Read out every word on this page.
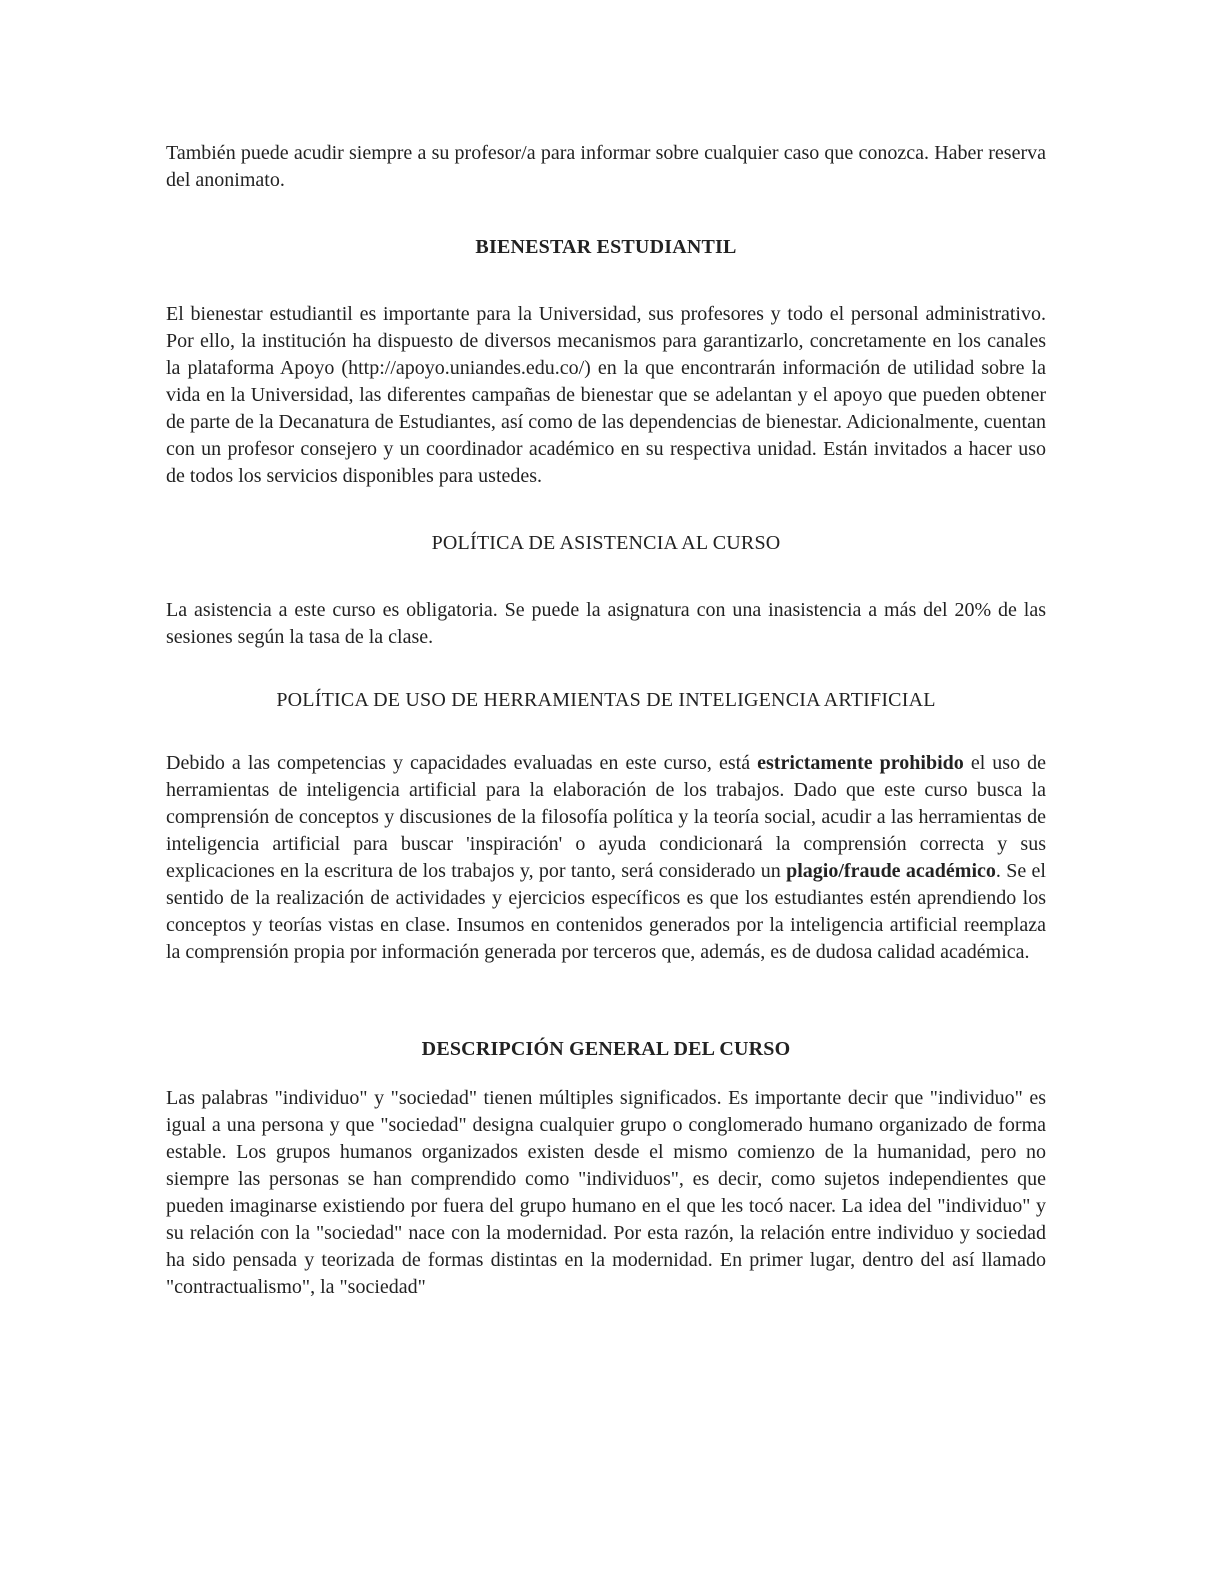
También puede acudir siempre a su profesor/a para informar sobre cualquier caso que conozca. Haber reserva del anonimato.

BIENESTAR ESTUDIANTIL

El bienestar estudiantil es importante para la Universidad, sus profesores y todo el personal administrativo. Por ello, la institución ha dispuesto de diversos mecanismos para garantizarlo, concretamente en los canales la plataforma Apoyo (http://apoyo.uniandes.edu.co/) en la que encontrarán información de utilidad sobre la vida en la Universidad, las diferentes campañas de bienestar que se adelantan y el apoyo que pueden obtener de parte de la Decanatura de Estudiantes, así como de las dependencias de bienestar. Adicionalmente, cuentan con un profesor consejero y un coordinador académico en su respectiva unidad. Están invitados a hacer uso de todos los servicios disponibles para ustedes.

POLÍTICA DE ASISTENCIA AL CURSO

La asistencia a este curso es obligatoria. Se puede la asignatura con una inasistencia a más del 20% de las sesiones según la tasa de la clase.

POLÍTICA DE USO DE HERRAMIENTAS DE INTELIGENCIA ARTIFICIAL

Debido a las competencias y capacidades evaluadas en este curso, está estrictamente prohibido el uso de herramientas de inteligencia artificial para la elaboración de los trabajos. Dado que este curso busca la comprensión de conceptos y discusiones de la filosofía política y la teoría social, acudir a las herramientas de inteligencia artificial para buscar 'inspiración' o ayuda condicionará la comprensión correcta y sus explicaciones en la escritura de los trabajos y, por tanto, será considerado un plagio/fraude académico. Se el sentido de la realización de actividades y ejercicios específicos es que los estudiantes estén aprendiendo los conceptos y teorías vistas en clase. Insumos en contenidos generados por la inteligencia artificial reemplaza la comprensión propia por información generada por terceros que, además, es de dudosa calidad académica.

DESCRIPCIÓN GENERAL DEL CURSO

Las palabras "individuo" y "sociedad" tienen múltiples significados. Es importante decir que "individuo" es igual a una persona y que "sociedad" designa cualquier grupo o conglomerado humano organizado de forma estable. Los grupos humanos organizados existen desde el mismo comienzo de la humanidad, pero no siempre las personas se han comprendido como "individuos", es decir, como sujetos independientes que pueden imaginarse existiendo por fuera del grupo humano en el que les tocó nacer. La idea del "individuo" y su relación con la "sociedad" nace con la modernidad. Por esta razón, la relación entre individuo y sociedad ha sido pensada y teorizada de formas distintas en la modernidad. En primer lugar, dentro del así llamado "contractualismo", la "sociedad"
